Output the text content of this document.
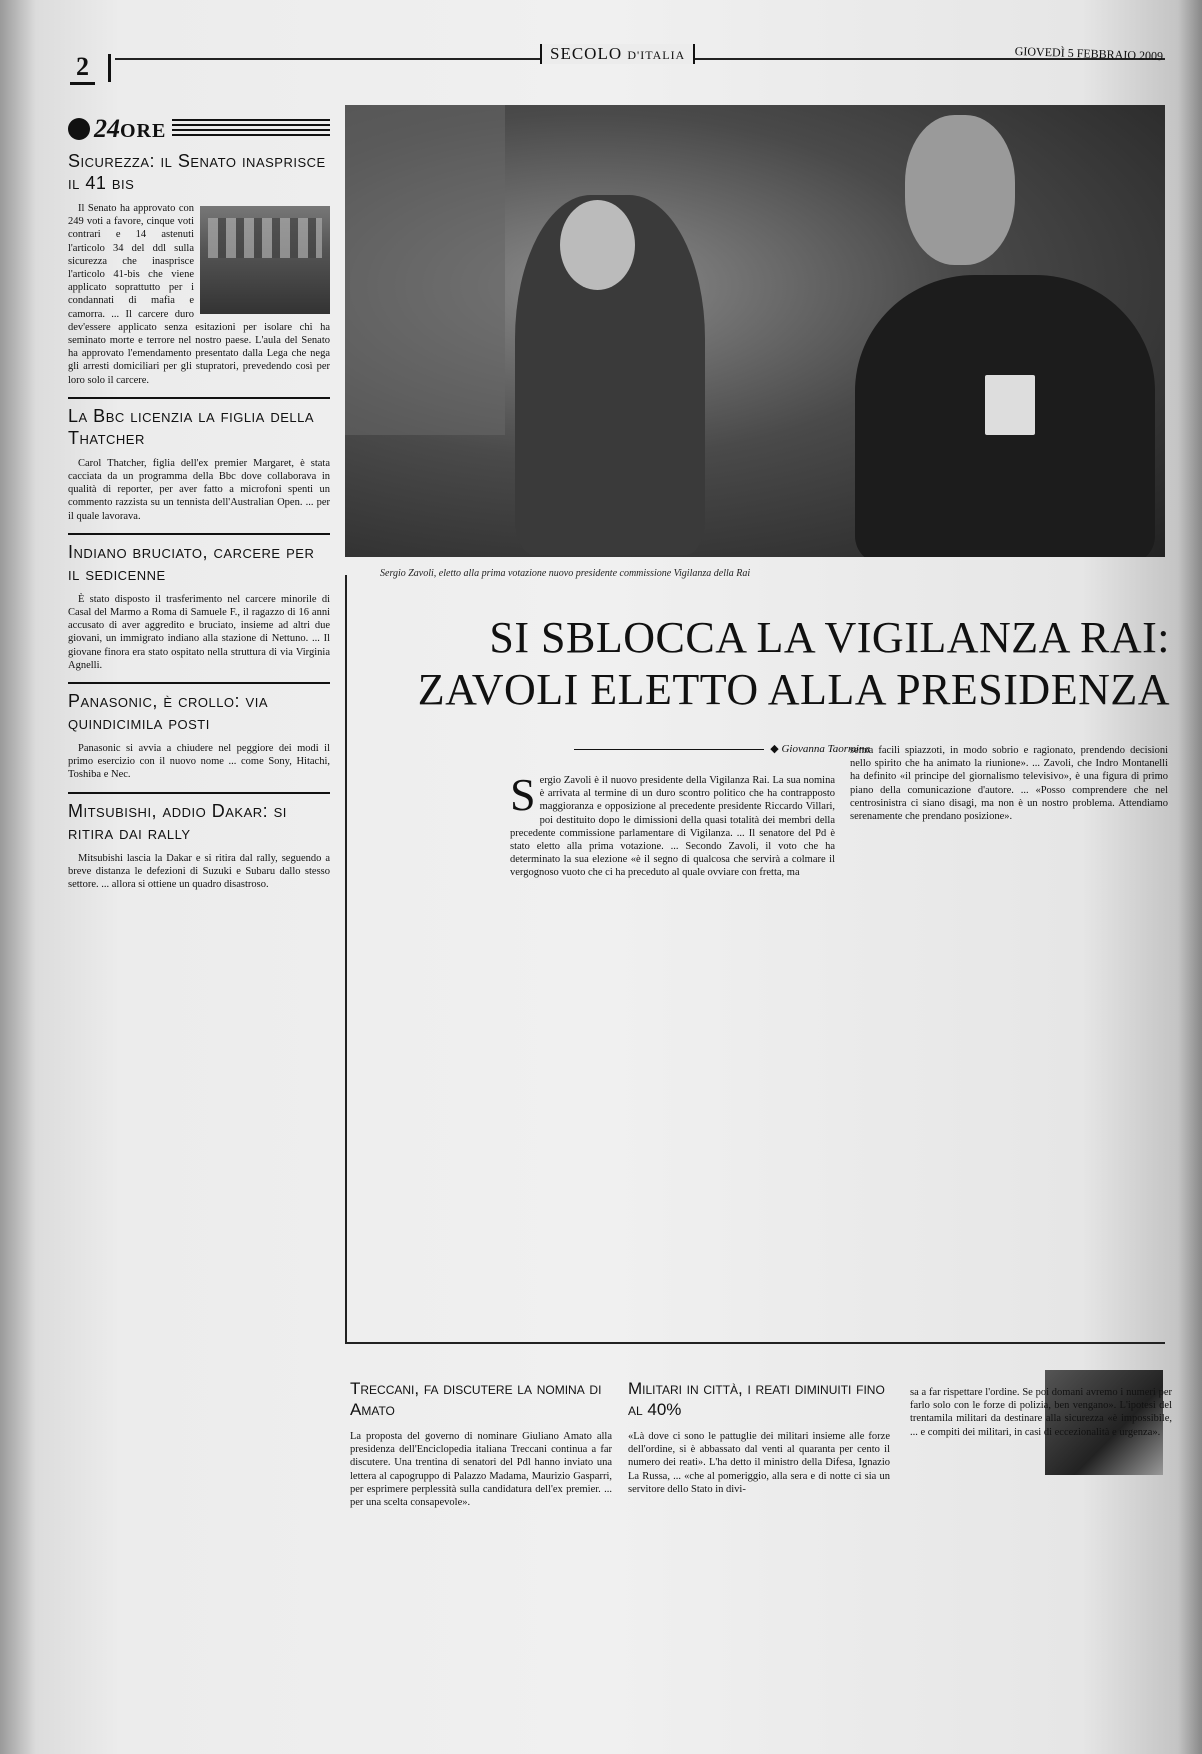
2	SECOLO D'ITALIA	GIOVEDÌ 5 FEBBRAIO 2009
24ORE
Sicurezza: il Senato inasprisce il 41 bis

Il Senato ha approvato con 249 voti a favore, cinque voti contrari e 14 astenuti l'articolo 34 del ddl sulla sicurezza che inasprisce l'articolo 41-bis che viene applicato soprattutto per i condannati di mafia e camorra. ... Il carcere duro dev'essere applicato senza esitazioni per isolare chi ha seminato morte e terrore nel nostro paese. L'aula del Senato ha approvato l'emendamento presentato dalla Lega che nega gli arresti domiciliari per gli stupratori, prevedendo così per loro solo il carcere.

La Bbc licenzia la figlia della Thatcher

Carol Thatcher, figlia dell'ex premier Margaret, è stata cacciata da un programma della Bbc dove collaborava in qualità di reporter, per aver fatto a microfoni spenti un commento razzista su un tennista dell'Australian Open. ... per il quale lavorava.

Indiano bruciato, carcere per il sedicenne

È stato disposto il trasferimento nel carcere minorile di Casal del Marmo a Roma di Samuele F., il ragazzo di 16 anni accusato di aver aggredito e bruciato, insieme ad altri due giovani, un immigrato indiano alla stazione di Nettuno. ... Il giovane finora era stato ospitato nella struttura di via Virginia Agnelli.

Panasonic, è crollo: via quindicimila posti

Panasonic si avvia a chiudere nel peggiore dei modi il primo esercizio con il nuovo nome ... come Sony, Hitachi, Toshiba e Nec.

Mitsubishi, addio Dakar: si ritira dai rally

Mitsubishi lascia la Dakar e si ritira dal rally, seguendo a breve distanza le defezioni di Suzuki e Subaru dallo stesso settore. ... allora si ottiene un quadro disastroso.

Sergio Zavoli, eletto alla prima votazione nuovo presidente commissione Vigilanza della Rai
SI SBLOCCA LA VIGILANZA RAI:
ZAVOLI ELETTO ALLA PRESIDENZA
◆ Giovanna Taormina
S ergio Zavoli è il nuovo presidente della Vigilanza Rai. La sua nomina è arrivata al termine di un duro scontro politico che ha contrapposto maggioranza e opposizione al precedente presidente Riccardo Villari, poi destituito dopo le dimissioni della quasi totalità dei membri della precedente commissione parlamentare di Vigilanza. ... Il senatore del Pd è stato eletto alla prima votazione. ... Secondo Zavoli, il voto che ha determinato la sua elezione «è il segno di qualcosa che servirà a colmare il vergognoso vuoto che ci ha preceduto al quale ovviare con fretta, ma
senza facili spiazzoti, in modo sobrio e ragionato, prendendo decisioni nello spirito che ha animato la riunione». ... Zavoli, che Indro Montanelli ha definito «il principe del giornalismo televisivo», è una figura di primo piano della comunicazione d'autore. ... «Posso comprendere che nel centrosinistra ci siano disagi, ma non è un nostro problema. Attendiamo serenamente che prendano posizione».
Treccani, fa discutere la nomina di Amato
La proposta del governo di nominare Giuliano Amato alla presidenza dell'Enciclopedia italiana Treccani continua a far discutere. Una trentina di senatori del Pdl hanno inviato una lettera al capogruppo di Palazzo Madama, Maurizio Gasparri, per esprimere perplessità sulla candidatura dell'ex premier. ... per una scelta consapevole».
Militari in città, i reati diminuiti fino al 40%
«Là dove ci sono le pattuglie dei militari insieme alle forze dell'ordine, si è abbassato dal venti al quaranta per cento il numero dei reati». L'ha detto il ministro della Difesa, Ignazio La Russa, ... «che al pomeriggio, alla sera e di notte ci sia un servitore dello Stato in divi-
sa a far rispettare l'ordine. Se poi domani avremo i numeri per farlo solo con le forze di polizia, ben vengano». L'ipotesi del trentamila militari da destinare alla sicurezza «è impossibile, ... e compiti dei militari, in casi di eccezionalità e urgenza».
